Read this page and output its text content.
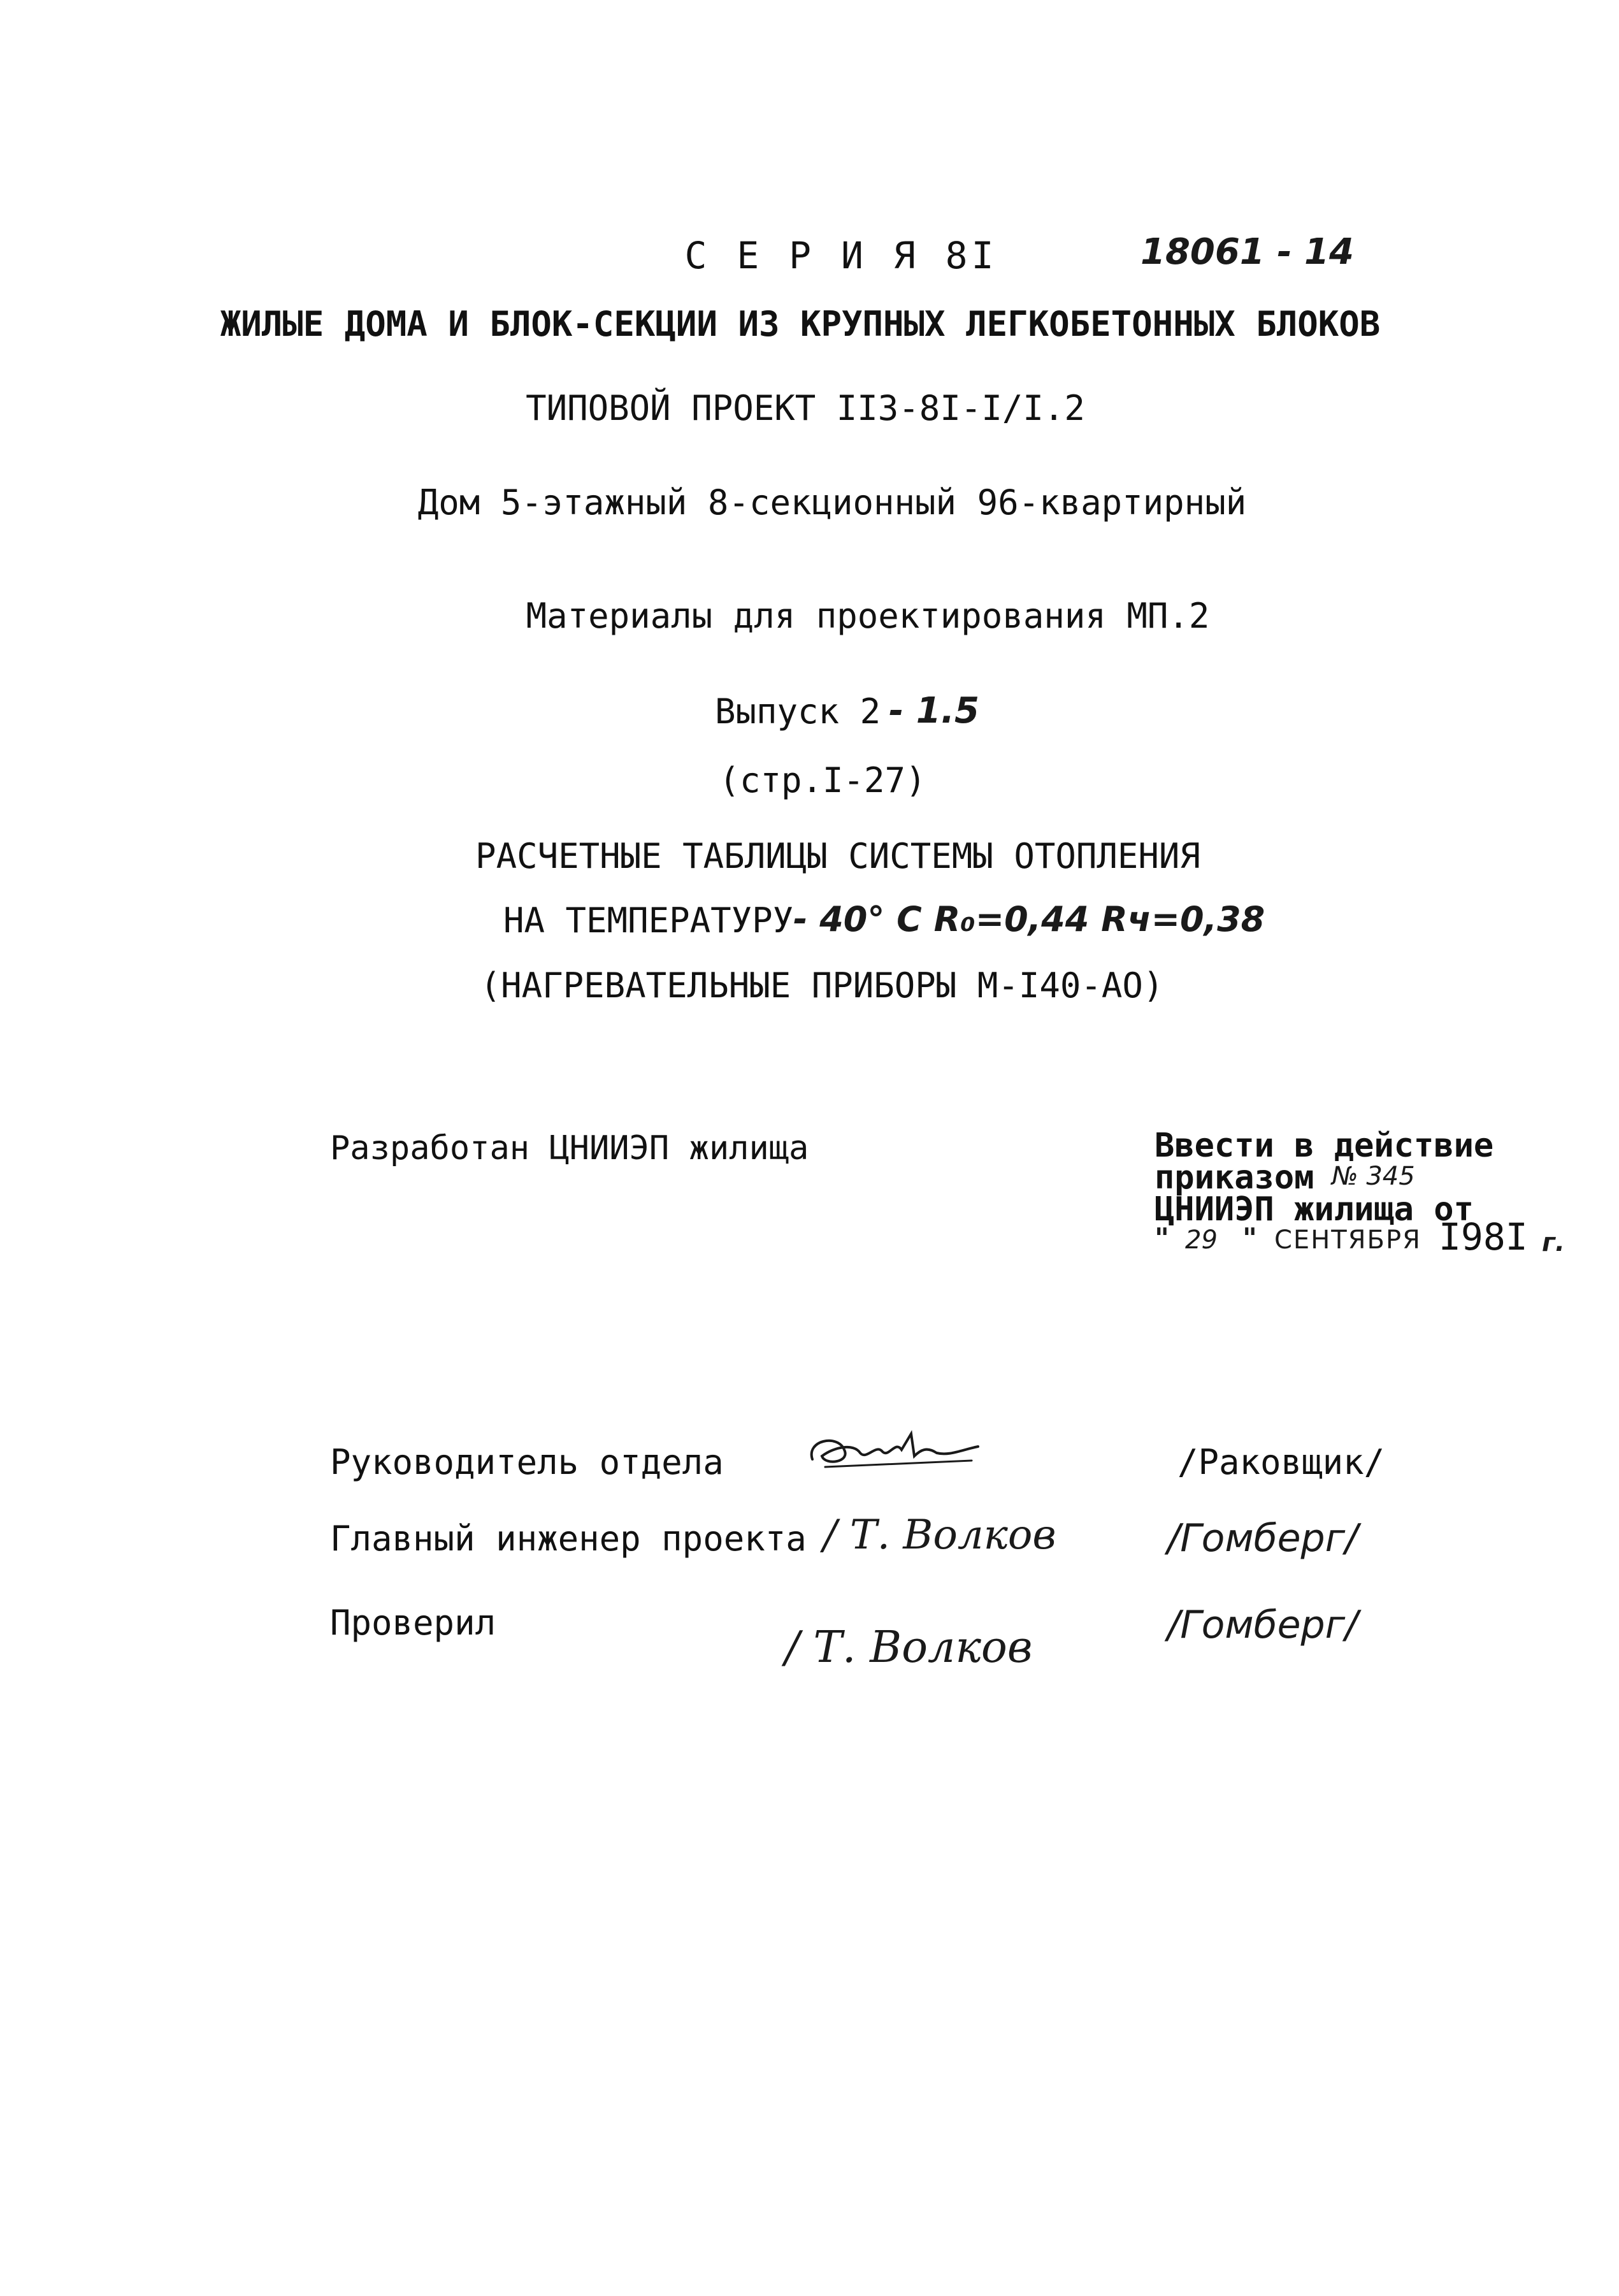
С Е Р И Я 8I	18061 - 14
ЖИЛЫЕ ДОМА И БЛОК-СЕКЦИИ ИЗ КРУПНЫХ ЛЕГКОБЕТОННЫХ БЛОКОВ
ТИПОВОЙ ПРОЕКТ II3-8I-I/I.2
Дом 5-этажный 8-секционный 96-квартирный
Материалы для проектирования МП.2
Выпуск 2 - 1.5
(стр.I-27)
РАСЧЕТНЫЕ ТАБЛИЦЫ СИСТЕМЫ ОТОПЛЕНИЯ
НА ТЕМПЕРАТУРУ - 40° С R₀=0,44 Rч=0,38
(НАГРЕВАТЕЛЬНЫЕ ПРИБОРЫ М-I40-АО)
Разработан ЦНИИЭП жилища	Ввести в действие
приказом № 345
ЦНИИЭП жилища от
" 29 " СЕНТЯБРЯ I98I г.
Руководитель отдела	/Раковщик/
Главный инженер проекта / Т. Волков	/Гомберг/
Проверил	/ Т. Волков	/Гомберг/
